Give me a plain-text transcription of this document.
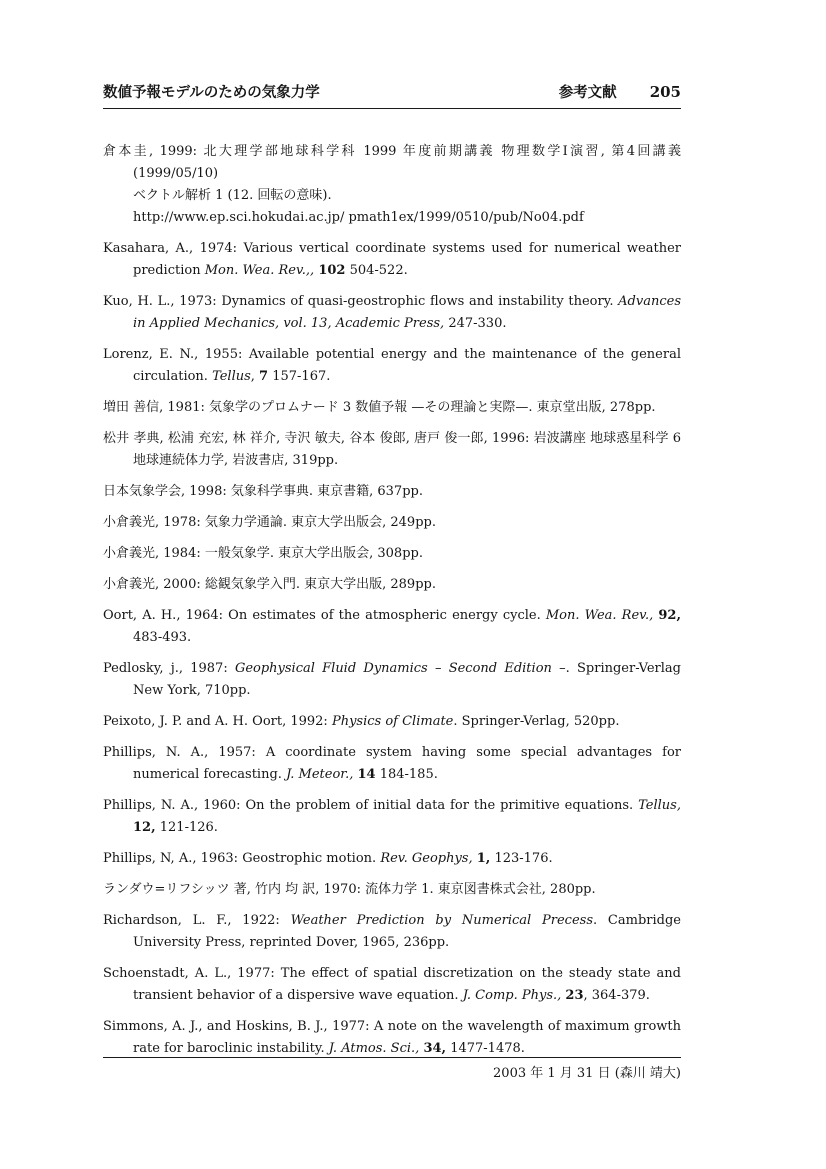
数値予報モデルのための気象力学	参考文献 205
倉本圭, 1999: 北大理学部地球科学科 1999 年度前期講義 物理数学I演習, 第4回講義 (1999/05/10)
ベクトル解析 1 (12. 回転の意味).
http://www.ep.sci.hokudai.ac.jp/ pmath1ex/1999/0510/pub/No04.pdf
Kasahara, A., 1974: Various vertical coordinate systems used for numerical weather prediction Mon. Wea. Rev.,, 102 504-522.
Kuo, H. L., 1973: Dynamics of quasi-geostrophic flows and instability theory. Advances in Applied Mechanics, vol. 13, Academic Press, 247-330.
Lorenz, E. N., 1955: Available potential energy and the maintenance of the general circulation. Tellus, 7 157-167.
増田 善信, 1981: 気象学のプロムナード 3 数値予報 —その理論と実際—. 東京堂出版, 278pp.
松井 孝典, 松浦 充宏, 林 祥介, 寺沢 敏夫, 谷本 俊郎, 唐戸 俊一郎, 1996: 岩波講座 地球惑星科学 6 地球連続体力学, 岩波書店, 319pp.
日本気象学会, 1998: 気象科学事典. 東京書籍, 637pp.
小倉義光, 1978: 気象力学通論. 東京大学出版会, 249pp.
小倉義光, 1984: 一般気象学. 東京大学出版会, 308pp.
小倉義光, 2000: 総観気象学入門. 東京大学出版, 289pp.
Oort, A. H., 1964: On estimates of the atmospheric energy cycle. Mon. Wea. Rev., 92, 483-493.
Pedlosky, j., 1987: Geophysical Fluid Dynamics – Second Edition –. Springer-Verlag New York, 710pp.
Peixoto, J. P. and A. H. Oort, 1992: Physics of Climate. Springer-Verlag, 520pp.
Phillips, N. A., 1957: A coordinate system having some special advantages for numerical forecasting. J. Meteor., 14 184-185.
Phillips, N. A., 1960: On the problem of initial data for the primitive equations. Tellus, 12, 121-126.
Phillips, N, A., 1963: Geostrophic motion. Rev. Geophys, 1, 123-176.
ランダウ=リフシッツ 著, 竹内 均 訳, 1970: 流体力学 1. 東京図書株式会社, 280pp.
Richardson, L. F., 1922: Weather Prediction by Numerical Precess. Cambridge University Press, reprinted Dover, 1965, 236pp.
Schoenstadt, A. L., 1977: The effect of spatial discretization on the steady state and transient behavior of a dispersive wave equation. J. Comp. Phys., 23, 364-379.
Simmons, A. J., and Hoskins, B. J., 1977: A note on the wavelength of maximum growth rate for baroclinic instability. J. Atmos. Sci., 34, 1477-1478.
2003 年 1 月 31 日 (森川 靖大)
